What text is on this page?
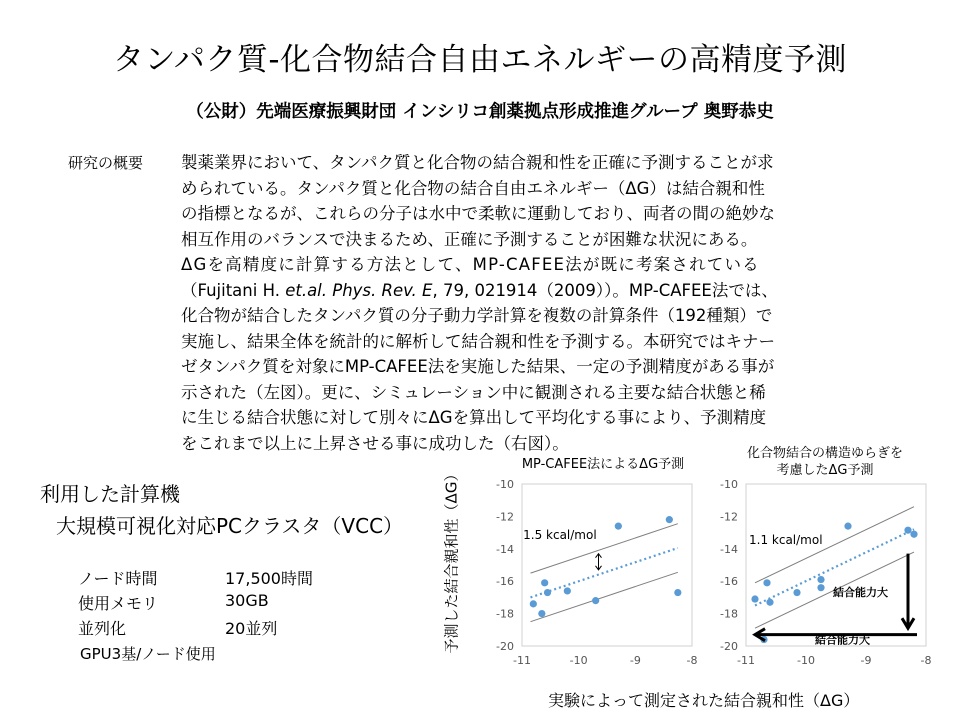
タンパク質-化合物結合自由エネルギーの高精度予測
（公財）先端医療振興財団 インシリコ創薬拠点形成推進グループ 奥野恭史
研究の概要 製薬業界において、タンパク質と化合物の結合親和性を正確に予測することが求
められている。タンパク質と化合物の結合自由エネルギー（ΔG）は結合親和性
の指標となるが、これらの分子は水中で柔軟に運動しており、両者の間の絶妙な
相互作用のバランスで決まるため、正確に予測することが困難な状況にある。
ΔGを高精度に計算する方法として、MP-CAFEE法が既に考案されている
（Fujitani H. et.al. Phys. Rev. E, 79, 021914（2009））。MP-CAFEE法では、
化合物が結合したタンパク質の分子動力学計算を複数の計算条件（192種類）で
実施し、結果全体を統計的に解析して結合親和性を予測する。本研究ではキナー
ゼタンパク質を対象にMP-CAFEE法を実施した結果、一定の予測精度がある事が
示された（左図）。更に、シミュレーション中に観測される主要な結合状態と稀
に生じる結合状態に対して別々にΔGを算出して平均化する事により、予測精度
をこれまで以上に上昇させる事に成功した（右図）。
利用した計算機
大規模可視化対応PCクラスタ（VCC）
ノード時間	17,500時間
使用メモリ	30GB
並列化	20並列
GPU3基/ノード使用
MP-CAFEE法によるΔG予測
化合物結合の構造ゆらぎを
考慮したΔG予測
-10
-12
-14
-16
-18
-20
-11	-10	-9	-8
1.5 kcal/mol
-10
-12
-14
-16
-18
-20
-11	-10	-9	-8
1.1 kcal/mol
結合能力大
結合能力大
予測した結合親和性（ΔG）
実験によって測定された結合親和性（ΔG）
